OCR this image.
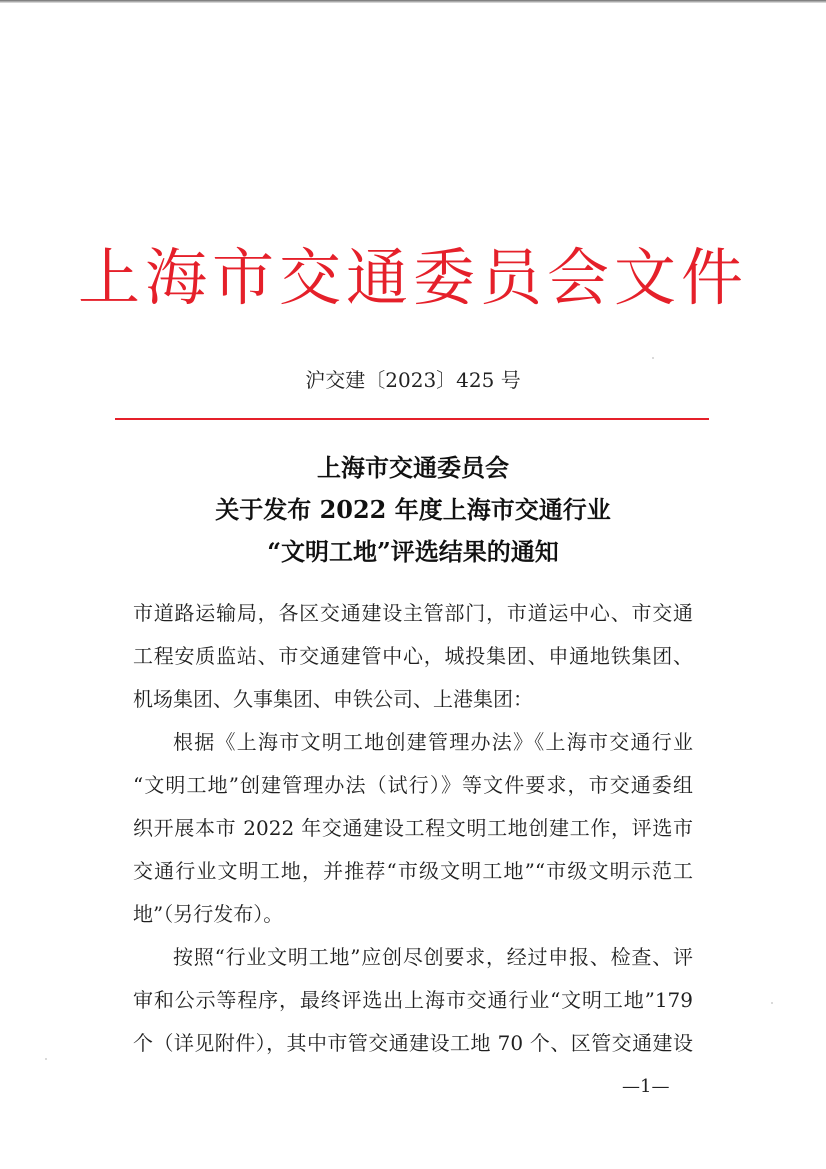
上海市交通委员会文件
沪交建〔2023〕425 号
上海市交通委员会
关于发布 2022 年度上海市交通行业
“文明工地”评选结果的通知
市道路运输局，各区交通建设主管部门，市道运中心、市交通
工程安质监站、市交通建管中心，城投集团、申通地铁集团、
机场集团、久事集团、申铁公司、上港集团：
根据《上海市文明工地创建管理办法》《上海市交通行业
“文明工地”创建管理办法（试行）》等文件要求，市交通委组
织开展本市 2022 年交通建设工程文明工地创建工作，评选市
交通行业文明工地，并推荐“市级文明工地”“市级文明示范工
地”（另行发布）。
按照“行业文明工地”应创尽创要求，经过申报、检查、评
审和公示等程序，最终评选出上海市交通行业“文明工地”179
个（详见附件），其中市管交通建设工地 70 个、区管交通建设
—1—
